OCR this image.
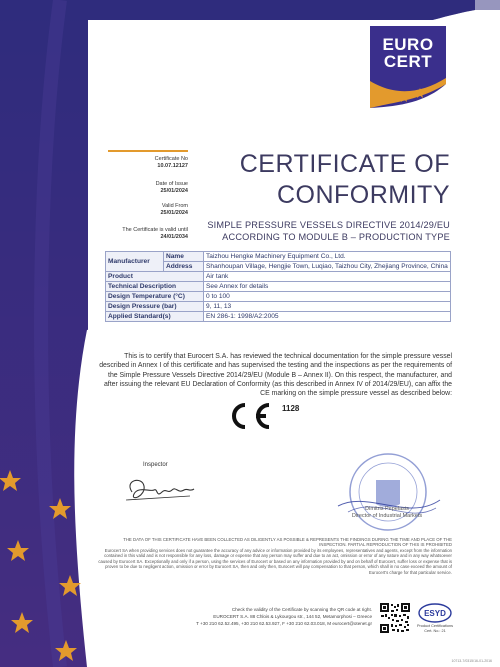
EURO
CERT
Certificate No
10.07.12127
Date of Issue
25/01/2024
Valid From
25/01/2024
The Certificate is valid until
24/01/2034
CERTIFICATE OF
CONFORMITY
SIMPLE PRESSURE VESSELS DIRECTIVE 2014/29/EU
ACCORDING TO MODULE B – PRODUCTION TYPE
Manufacturer	Name	Taizhou Hengke Machinery Equipment Co., Ltd.
	Address	Shanhoupan Village, Hengjie Town, Luqiao, Taizhou City, Zhejiang Province, China
Product		Air tank
Technical Description		See Annex for details
Design Temperature (°C)		0 to 100
Design Pressure (bar)		9, 11, 13
Applied Standard(s)		EN 286-1: 1998/A2:2005
This is to certify that Eurocert S.A. has reviewed the technical documentation for the simple pressure vessel described in Annex I of this certificate and has supervised the testing and the inspections as per the requirements of the Simple Pressure Vessels Directive 2014/29/EU (Module B – Annex II). On this respect, the manufacturer, and after issuing the relevant EU Declaration of Conformity (as this described in Annex IV of 2014/29/EU), can affix the CE marking on the simple pressure vessel as described below:
1128
Inspector
Dimitris Pepelasis
Director of Industrial Markets
THE DATA OF THIS CERTIFICATE HAVE BEEN COLLECTED AS DILIGENTLY AS POSSIBLE & REPRESENTS THE FINDINGS DURING THE TIME AND PLACE OF THE INSPECTION. PARTIAL REPRODUCTION OF THIS IS PROHIBITED
Eurocert SA when providing services does not guarantee the accuracy of any advice or information provided by its employees, representatives and agents, except from the information contained in this valid and is not responsible for any loss, damage or expense that any person may suffer and due to an act, omission or error of any nature and in any way whatsoever caused by Eurocert SA. Exceptionally and only if a person, using the services of Eurocert or based on any information provided by and on behalf of Eurocert, suffer loss or expense that is proven to be due to negligent action, omission or error by Eurocert SA, then and only then, Eurocert will pay compensation to that person, which shall in no case exceed the amount of Eurocert's charge for that particular service.
Check the validity of the Certificate by scanning the QR code at right.
EUROCERT S.A. 88 Chlois & Lykourgou str., 144 52, Metamorphosi – Greece
T +30 210 62.52.495, +30 210 62.53.927, F +30 210 62.03.018, M eurocert@otenet.gr
ESYD
Product Certifications
Cert. No.: 21
10713-7/0315/16-01-2016
